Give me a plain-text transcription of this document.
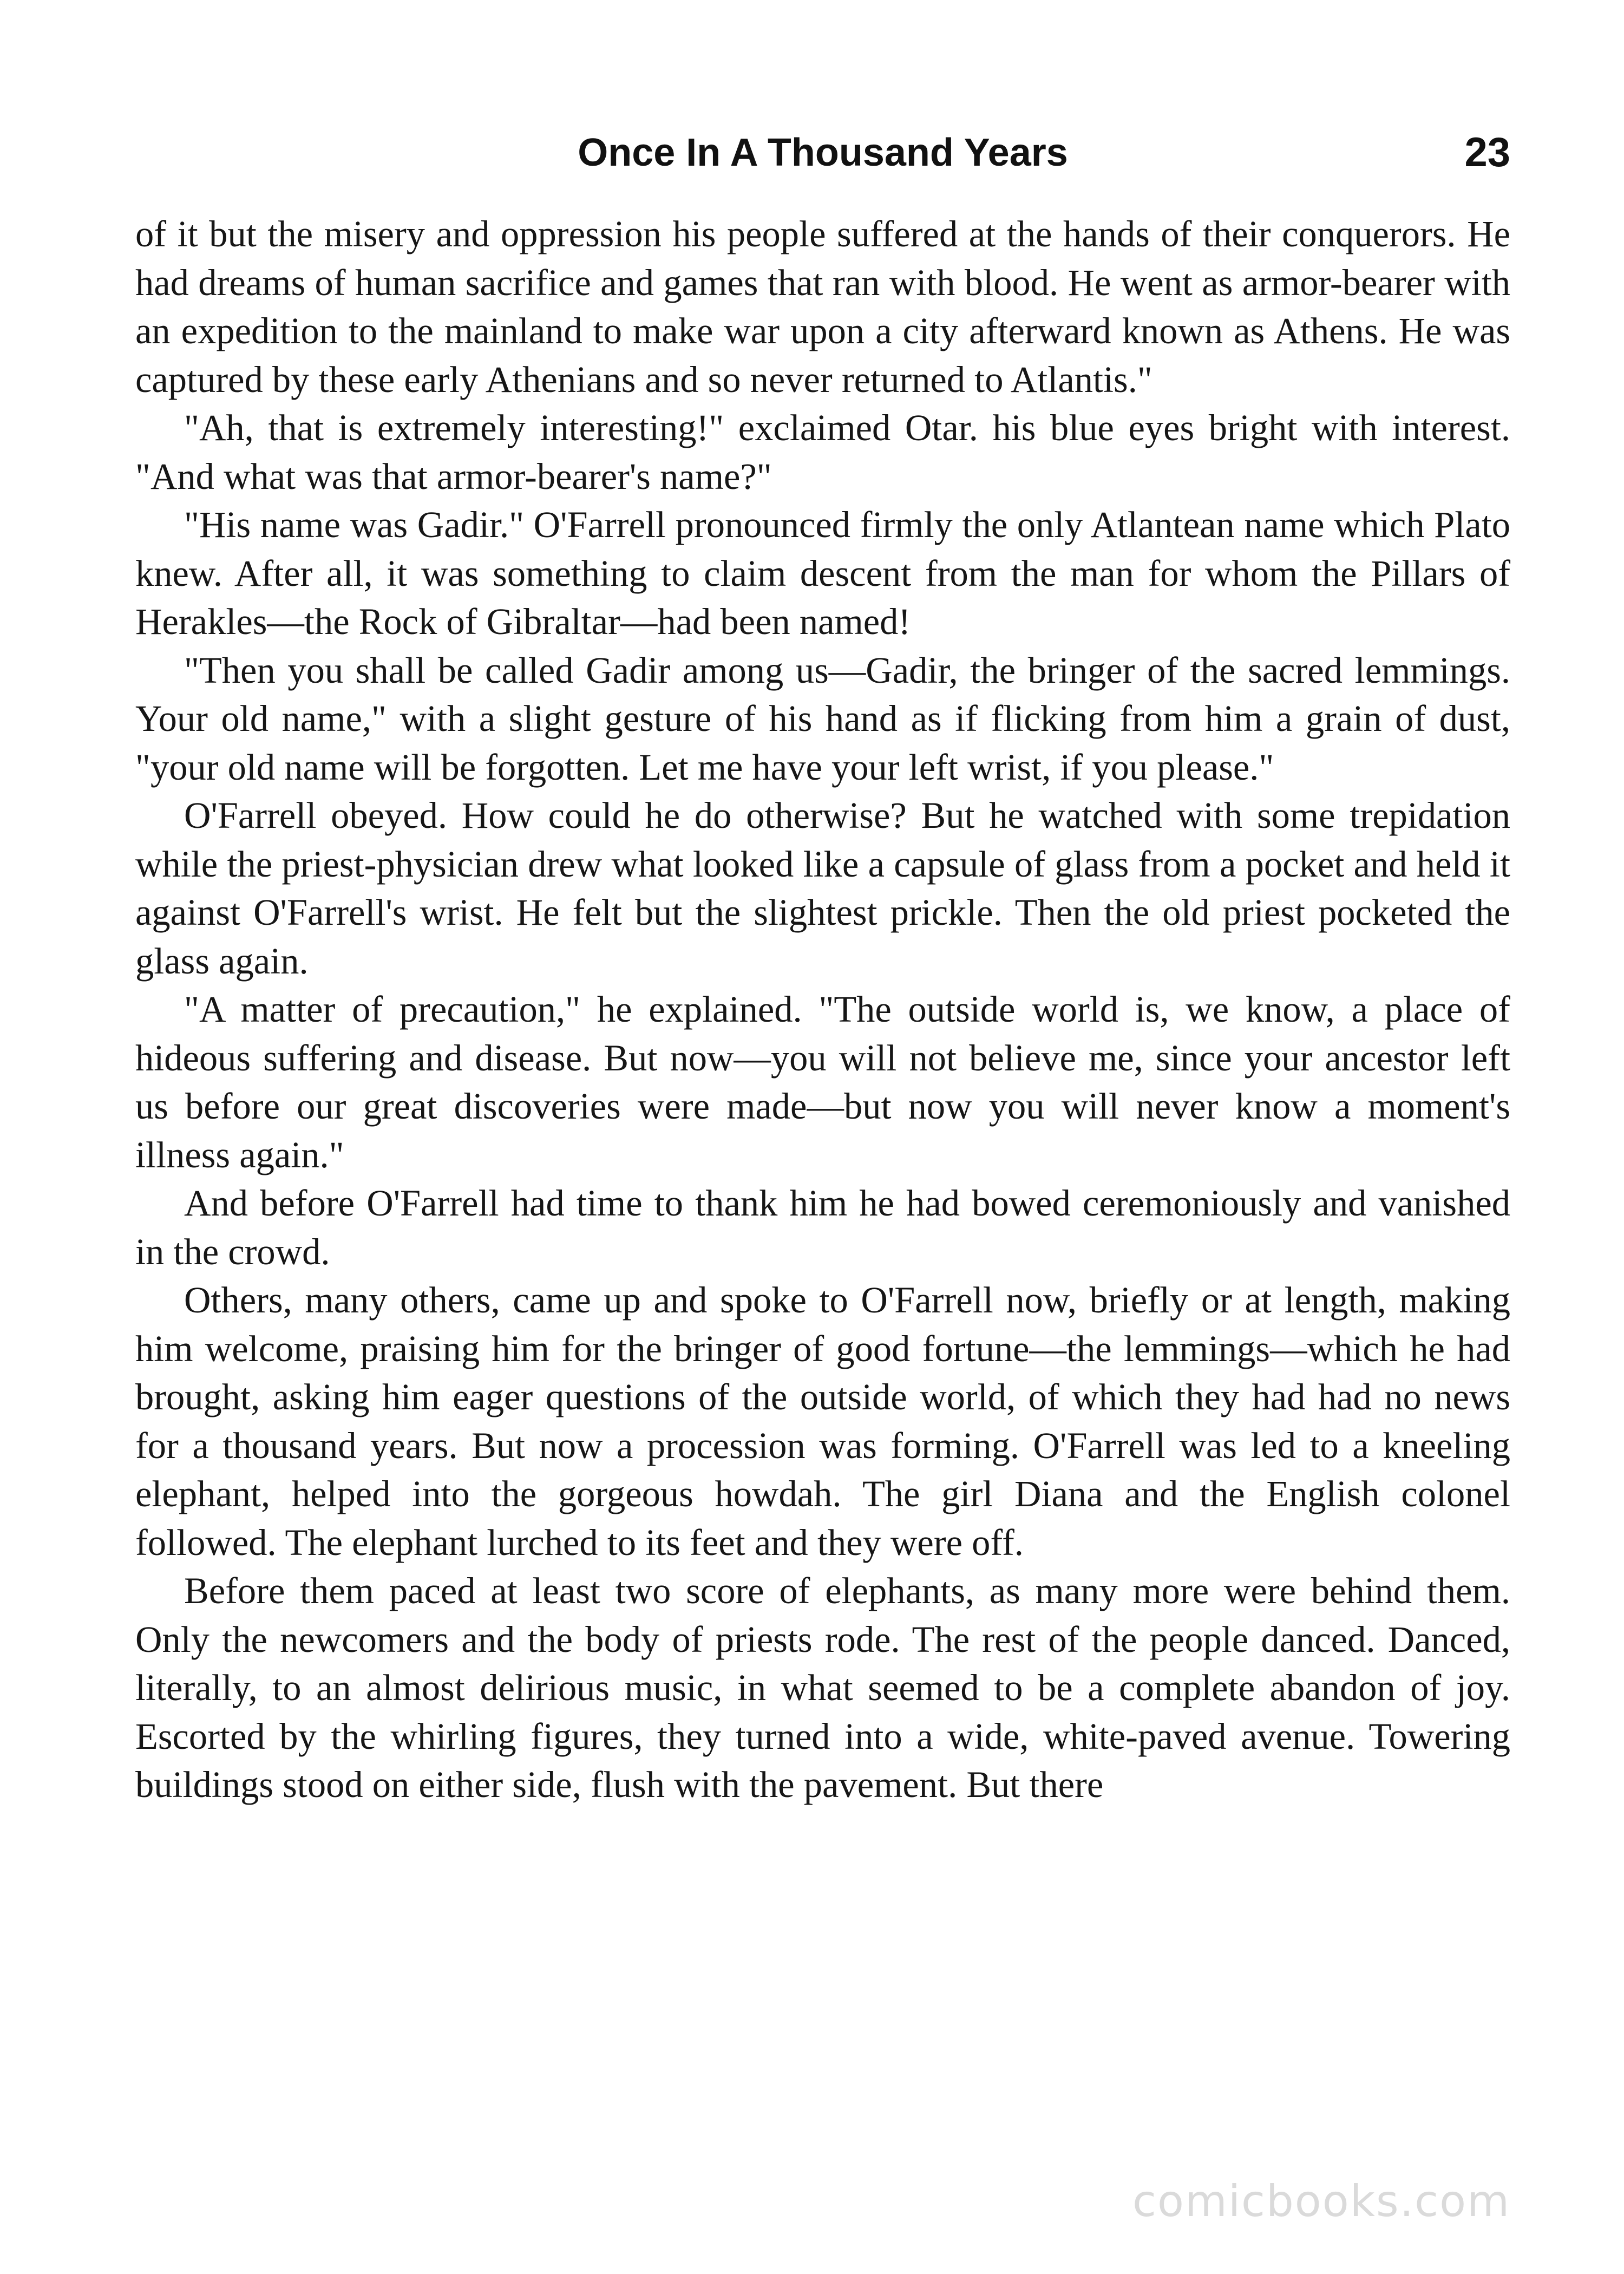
Once In A Thousand Years	23

of it but the misery and oppression his people suffered at the hands of their conquerors. He had dreams of human sacrifice and games that ran with blood. He went as armor-bearer with an expedition to the mainland to make war upon a city afterward known as Athens. He was captured by these early Athenians and so never returned to Atlantis."

"Ah, that is extremely interesting!" exclaimed Otar. his blue eyes bright with interest. "And what was that armor-bearer's name?"

"His name was Gadir." O'Farrell pronounced firmly the only Atlantean name which Plato knew. After all, it was something to claim descent from the man for whom the Pillars of Herakles—the Rock of Gibraltar—had been named!

"Then you shall be called Gadir among us—Gadir, the bringer of the sacred lemmings. Your old name," with a slight gesture of his hand as if flicking from him a grain of dust, "your old name will be forgotten. Let me have your left wrist, if you please."

O'Farrell obeyed. How could he do otherwise? But he watched with some trepidation while the priest-physician drew what looked like a capsule of glass from a pocket and held it against O'Farrell's wrist. He felt but the slightest prickle. Then the old priest pocketed the glass again.

"A matter of precaution," he explained. "The outside world is, we know, a place of hideous suffering and disease. But now—you will not believe me, since your ancestor left us before our great discoveries were made—but now you will never know a moment's illness again."

And before O'Farrell had time to thank him he had bowed ceremoniously and vanished in the crowd.

Others, many others, came up and spoke to O'Farrell now, briefly or at length, making him welcome, praising him for the bringer of good fortune—the lemmings—which he had brought, asking him eager questions of the outside world, of which they had had no news for a thousand years. But now a procession was forming. O'Farrell was led to a kneeling elephant, helped into the gorgeous howdah. The girl Diana and the English colonel followed. The elephant lurched to its feet and they were off.

Before them paced at least two score of elephants, as many more were behind them. Only the newcomers and the body of priests rode. The rest of the people danced. Danced, literally, to an almost delirious music, in what seemed to be a complete abandon of joy. Escorted by the whirling figures, they turned into a wide, white-paved avenue. Towering buildings stood on either side, flush with the pavement. But there

comicbooks.com
